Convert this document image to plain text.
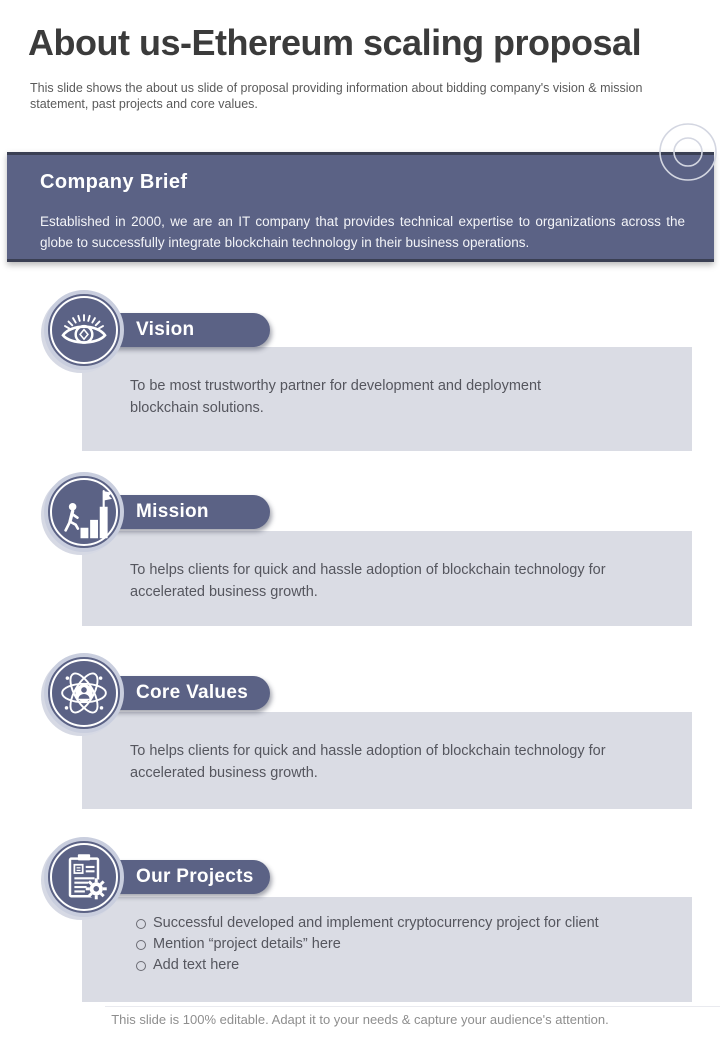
About us-Ethereum scaling proposal

This slide shows the about us slide of proposal providing information about bidding company's vision & mission statement, past projects and core values.

Company Brief

Established in 2000, we are an IT company that provides technical expertise to organizations across the globe to successfully integrate blockchain technology in their business operations.

To be most trustworthy partner for development and deployment blockchain solutions.

Vision

To helps clients for quick and hassle adoption of blockchain technology for accelerated business growth.

Mission

To helps clients for quick and hassle adoption of blockchain technology for accelerated business growth.

Core Values
Successful developed and implement cryptocurrency project for client
Mention “project details” here
Add text here
Our Projects

This slide is 100% editable. Adapt it to your needs & capture your audience's attention.
